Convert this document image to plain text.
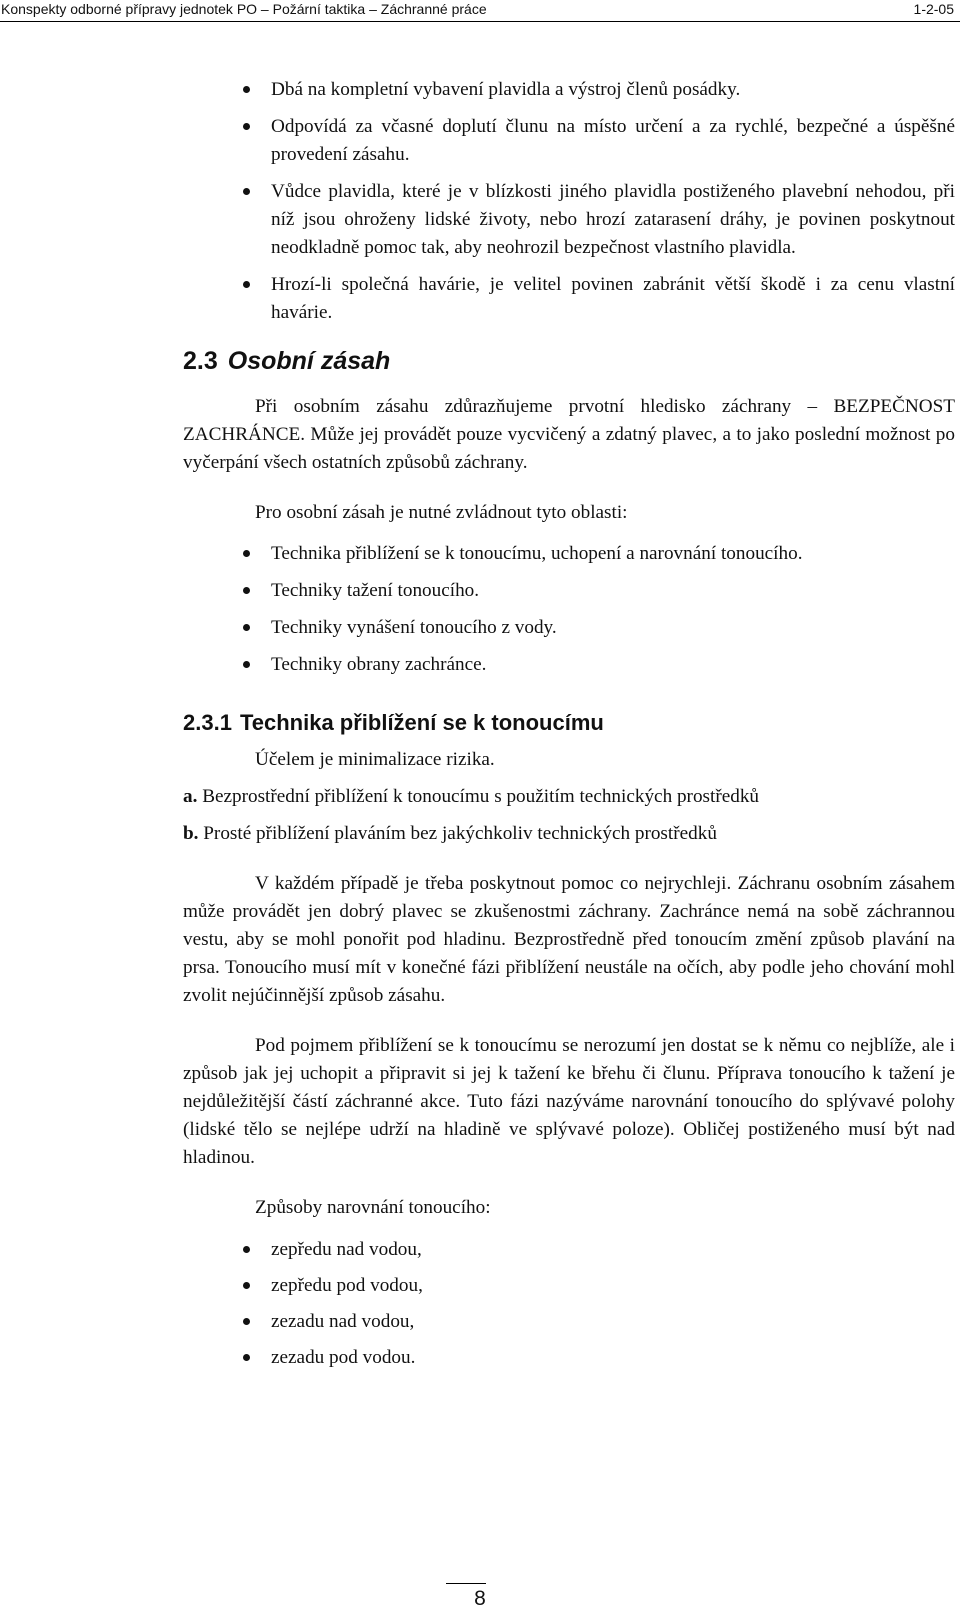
Konspekty odborné přípravy jednotek PO – Požární taktika – Záchranné práce	1-2-05
Dbá na kompletní vybavení plavidla a výstroj členů posádky.
Odpovídá za včasné doplutí člunu na místo určení a za rychlé, bezpečné a úspěšné provedení zásahu.
Vůdce plavidla, které je v blízkosti jiného plavidla postiženého plavební nehodou, při níž jsou ohroženy lidské životy, nebo hrozí zatarasení dráhy, je povinen poskytnout neodkladně pomoc tak, aby neohrozil bezpečnost vlastního plavidla.
Hrozí-li společná havárie, je velitel povinen zabránit větší škodě i za cenu vlastní havárie.
2.3 Osobní zásah

Při osobním zásahu zdůrazňujeme prvotní hledisko záchrany – BEZPEČNOST ZACHRÁNCE. Může jej provádět pouze vycvičený a zdatný plavec, a to jako poslední možnost po vyčerpání všech ostatních způsobů záchrany.

Pro osobní zásah je nutné zvládnout tyto oblasti:

Technika přiblížení se k tonoucímu, uchopení a narovnání tonoucího.
Techniky tažení tonoucího.
Techniky vynášení tonoucího z vody.
Techniky obrany zachránce.
2.3.1 Technika přiblížení se k tonoucímu

Účelem je minimalizace rizika.

a. Bezprostřední přiblížení k tonoucímu s použitím technických prostředků

b. Prosté přiblížení plaváním bez jakýchkoliv technických prostředků

V každém případě je třeba poskytnout pomoc co nejrychleji. Záchranu osobním zásahem může provádět jen dobrý plavec se zkušenostmi záchrany. Zachránce nemá na sobě záchrannou vestu, aby se mohl ponořit pod hladinu. Bezprostředně před tonoucím změní způsob plavání na prsa. Tonoucího musí mít v konečné fázi přiblížení neustále na očích, aby podle jeho chování mohl zvolit nejúčinnější způsob zásahu.

Pod pojmem přiblížení se k tonoucímu se nerozumí jen dostat se k němu co nejblíže, ale i způsob jak jej uchopit a připravit si jej k tažení ke břehu či člunu. Příprava tonoucího k tažení je nejdůležitější částí záchranné akce. Tuto fázi nazýváme narovnání tonoucího do splývavé polohy (lidské tělo se nejlépe udrží na hladině ve splývavé poloze). Obličej postiženého musí být nad hladinou.

Způsoby narovnání tonoucího:

zepředu nad vodou,
zepředu pod vodou,
zezadu nad vodou,
zezadu pod vodou.
8
